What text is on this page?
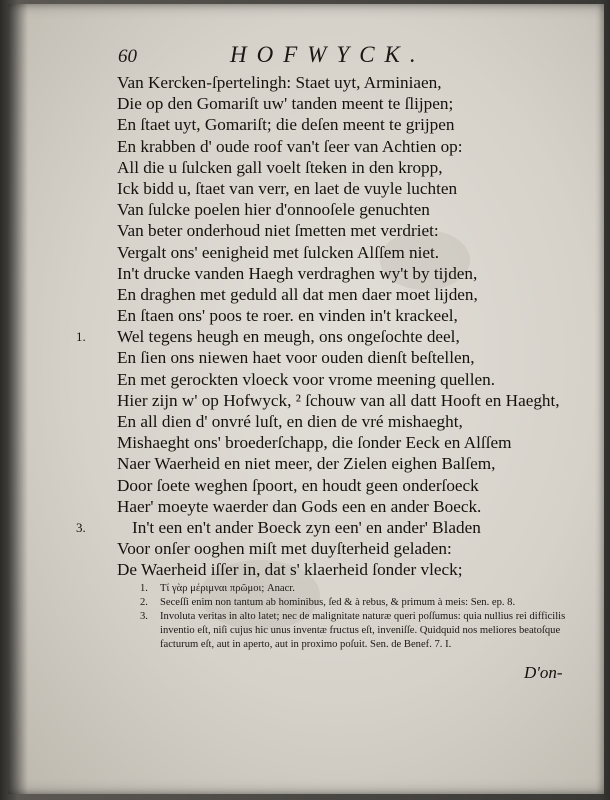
60	HOFWYCK.
Van Kercken-ſpertelingh: Staet uyt, Arminiaen,
Die op den Gomariſt uw' tanden meent te ſlijpen;
En ſtaet uyt, Gomariſt; die deſen meent te grijpen
En krabben d' oude roof van't ſeer van Achtien op:
All die u ſulcken gall voelt ſteken in den kropp,
Ick bidd u, ſtaet van verr, en laet de vuyle luchten
Van ſulcke poelen hier d'onnooſele genuchten
Van beter onderhoud niet ſmetten met verdriet:
Vergalt ons' eenigheid met ſulcken Alſſem niet.
In't drucke vanden Haegh verdraghen wy't by tijden,
En draghen met geduld all dat men daer moet lijden,
En ſtaen ons' poos te roer. en vinden in't krackeel,
1.	Wel tegens heugh en meugh, ons ongeſochte deel,
En ſien ons niewen haet voor ouden dienſt beſtellen,
En met gerockten vloeck voor vrome meening quellen.
Hier zijn w' op Hofwyck, ² ſchouw van all datt Hooft en Haeght,
En all dien d' onvré luſt, en dien de vré mishaeght,
Mishaeght ons' broederſchapp, die ſonder Eeck en Alſſem
Naer Waerheid en niet meer, der Zielen eighen Balſem,
Door ſoete weghen ſpoort, en houdt geen onderſoeck
Haer' moeyte waerder dan Gods een en ander Boeck.
3.	In't een en't ander Boeck zyn een' en ander' Bladen
Voor onſer ooghen miſt met duyſterheid geladen:
De Waerheid iſſer in, dat s' klaerheid ſonder vleck;
1. Τί γὰρ μέριμναι πρῶμοι; Anacr.
2. Seceſſi enim non tantum ab hominibus, ſed & à rebus, & primum à meis: Sen. ep. 8.
3. Involuta veritas in alto latet; nec de malignitate naturæ queri poſſumus: quia nullius rei difficilis inventio eſt, niſi cujus hic unus inventæ fructus eſt, inveniſſe. Quidquid nos meliores beatoſque facturum eſt, aut in aperto, aut in proximo poſuit. Sen. de Benef. 7. I.
D'on-
